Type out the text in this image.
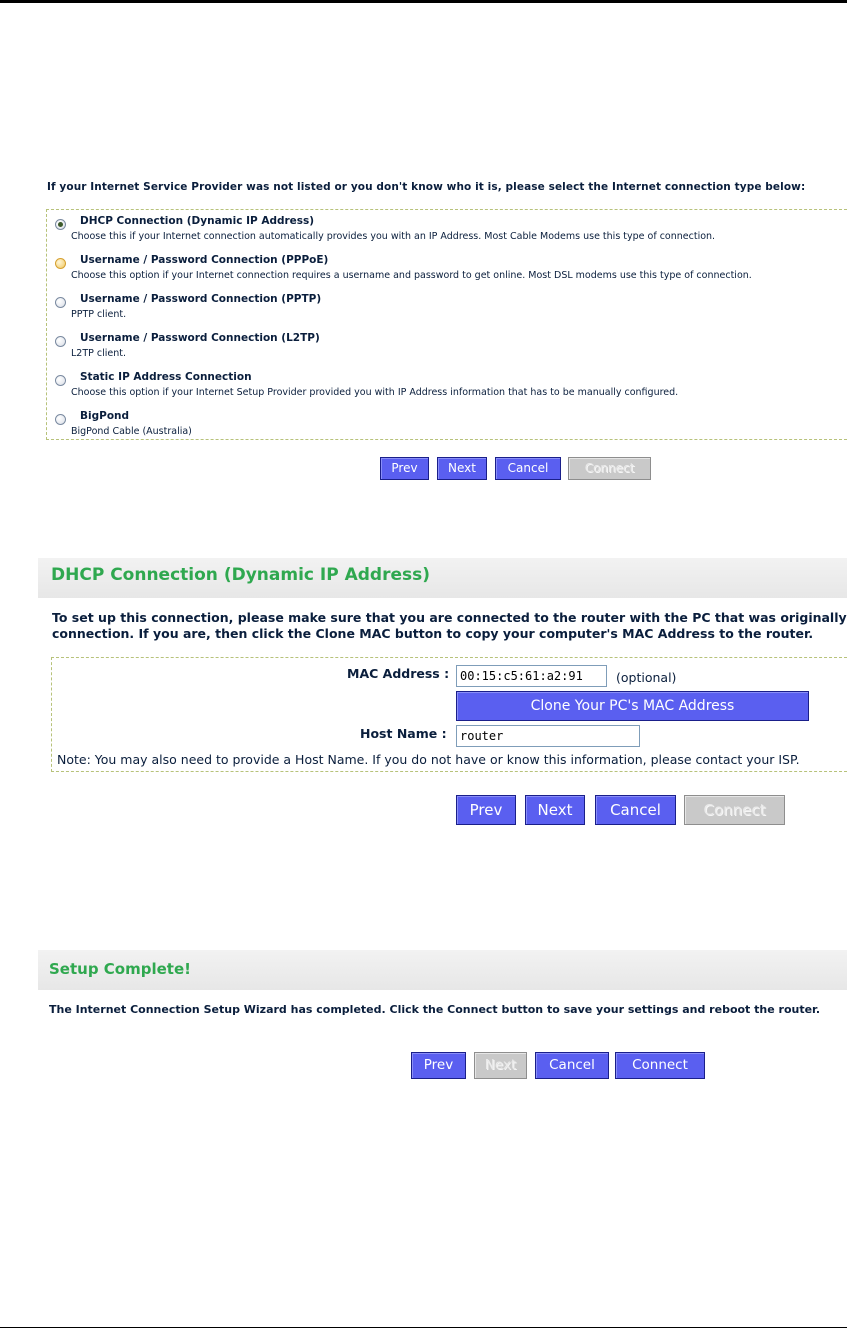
If your Internet Service Provider was not listed or you don't know who it is, please select the Internet connection type below:
DHCP Connection (Dynamic IP Address)
Choose this if your Internet connection automatically provides you with an IP Address. Most Cable Modems use this type of connection.
Username / Password Connection (PPPoE)
Choose this option if your Internet connection requires a username and password to get online. Most DSL modems use this type of connection.
Username / Password Connection (PPTP)
PPTP client.
Username / Password Connection (L2TP)
L2TP client.
Static IP Address Connection
Choose this option if your Internet Setup Provider provided you with IP Address information that has to be manually configured.
BigPond
BigPond Cable (Australia)
Prev	Next	Cancel	Connect
DHCP Connection (Dynamic IP Address)
To set up this connection, please make sure that you are connected to the router with the PC that was originally
connection. If you are, then click the Clone MAC button to copy your computer's MAC Address to the router.
MAC Address :
00:15:c5:61:a2:91	(optional)
Clone Your PC's MAC Address
Host Name :
router
Note: You may also need to provide a Host Name. If you do not have or know this information, please contact your ISP.
Prev	Next	Cancel	Connect
Setup Complete!
The Internet Connection Setup Wizard has completed. Click the Connect button to save your settings and reboot the router.
Prev	Next	Cancel	Connect
